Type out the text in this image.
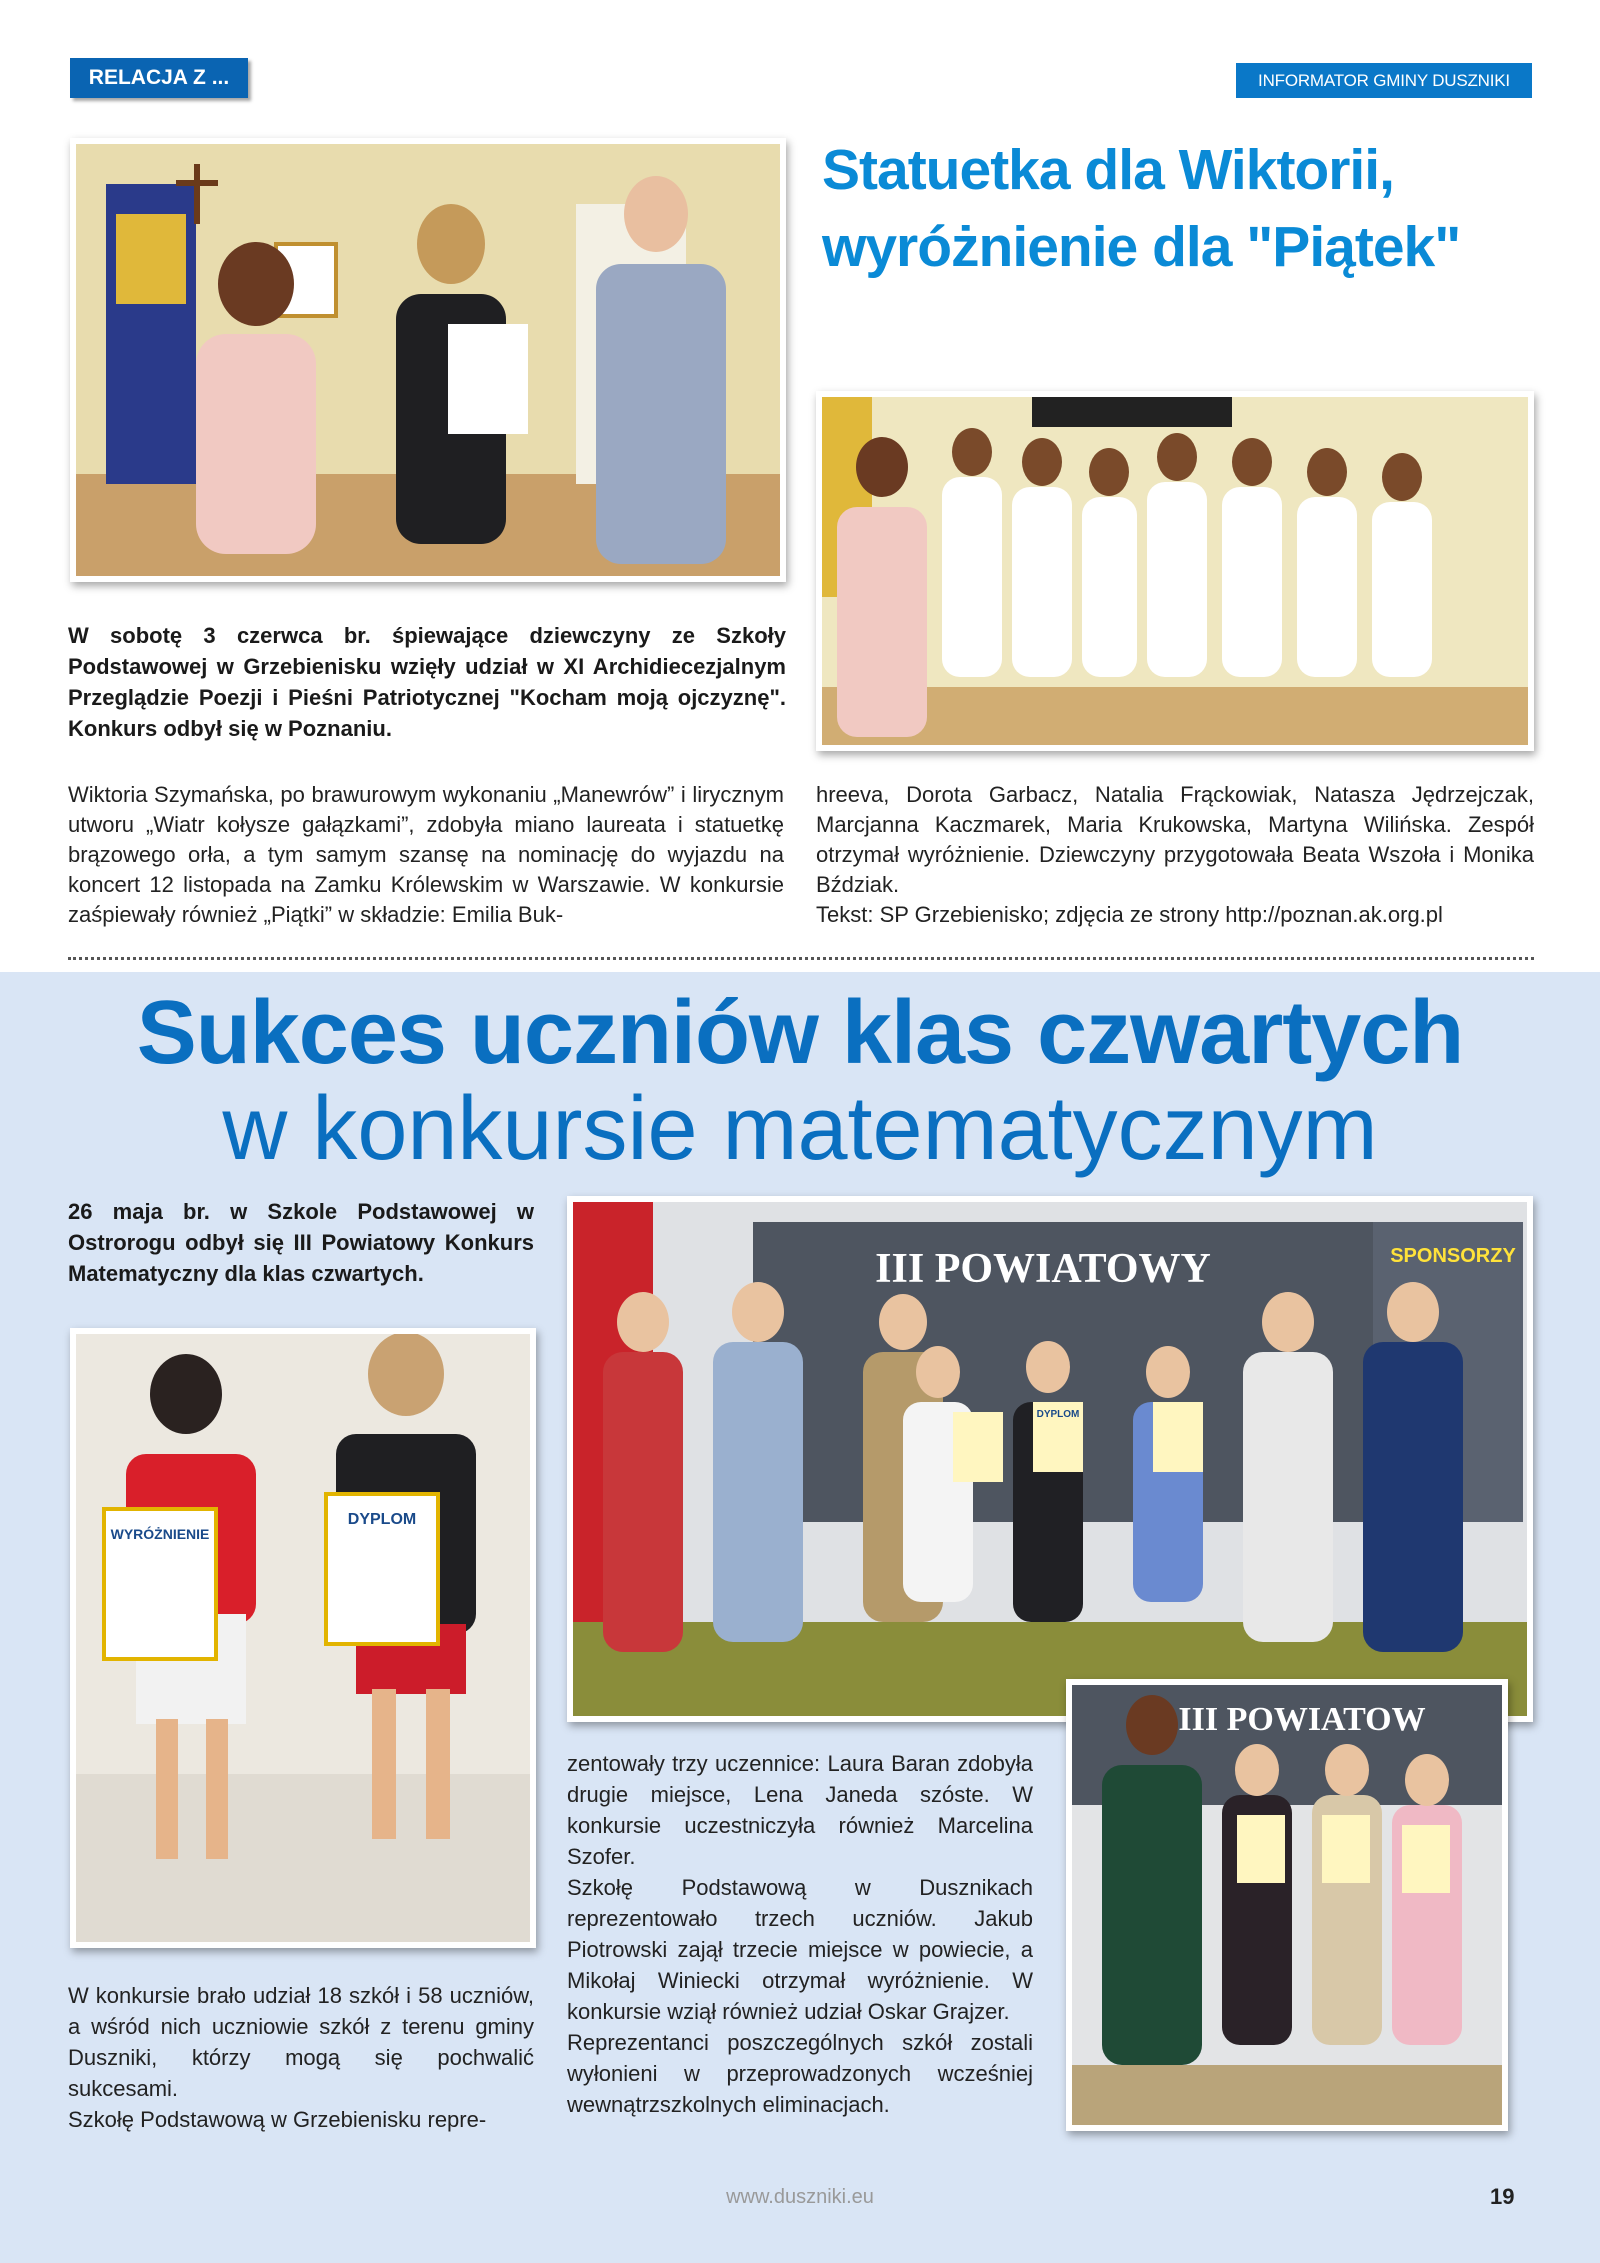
RELACJA Z ...	INFORMATOR GMINY DUSZNIKI
Statuetka dla Wiktorii, wyróżnienie dla "Piątek"

W sobotę 3 czerwca br. śpiewające dziewczyny ze Szkoły Podstawowej w Grzebienisku wzięły udział w XI Archidiecezjalnym Przeglądzie Poezji i Pieśni Patriotycznej "Kocham moją ojczyznę". Konkurs odbył się w Poznaniu.

Wiktoria Szymańska, po brawurowym wykonaniu „Manewrów” i lirycznym utworu „Wiatr kołysze gałązkami”, zdobyła miano laureata i statuetkę brązowego orła, a tym samym szansę na nominację do wyjazdu na koncert 12 listopada na Zamku Królewskim w Warszawie. W konkursie zaśpiewały również „Piątki” w składzie: Emilia Buk-

hreeva, Dorota Garbacz, Natalia Frąckowiak, Natasza Jędrzejczak, Marcjanna Kaczmarek, Maria Krukowska, Martyna Wilińska. Zespół otrzymał wyróżnienie. Dziewczyny przygotowała Beata Wszoła i Monika Bździak.

Tekst: SP Grzebienisko; zdjęcia ze strony http://poznan.ak.org.pl

Sukces uczniów klas czwartych
w konkursie matematycznym

26 maja br. w Szkole Podstawowej w Ostrorogu odbył się III Powiatowy Konkurs Matematyczny dla klas czwartych.

WYRÓŻNIENIE
DYPLOM
III POWIATOWY	SPONSORZY
DYPLOM
III POWIATOW

W konkursie brało udział 18 szkół i 58 uczniów, a wśród nich uczniowie szkół z terenu gminy Duszniki, którzy mogą się pochwalić sukcesami.

Szkołę Podstawową w Grzebienisku repre-

zentowały trzy uczennice: Laura Baran zdobyła drugie miejsce, Lena Janeda szóste. W konkursie uczestniczyła również Marcelina Szofer.

Szkołę Podstawową w Dusznikach reprezentowało trzech uczniów. Jakub Piotrowski zajął trzecie miejsce w powiecie, a Mikołaj Winiecki otrzymał wyróżnienie. W konkursie wziął również udział Oskar Grajzer.

Reprezentanci poszczególnych szkół zostali wyłonieni w przeprowadzonych wcześniej wewnątrzszkolnych eliminacjach.

www.duszniki.eu	19
